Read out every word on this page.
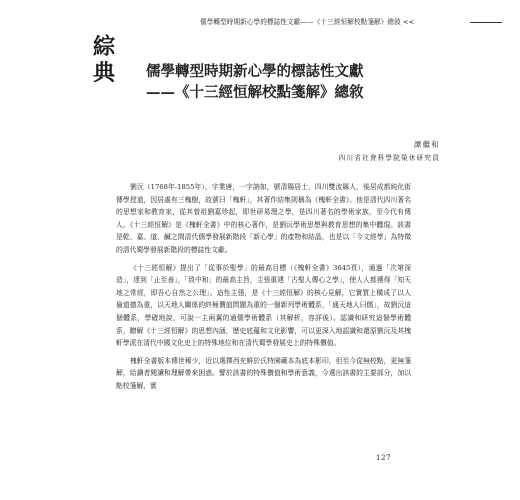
儒學轉型時期新心學的標誌性文獻——《十三經恒解校點箋解》總敘 <<
綜
典	儒學轉型時期新心學的標誌性文獻
——《十三經恒解校點箋解》總敘
譚繼和
四川省社會科學院榮休研究員

劉沅（1768年-1855年），字業唐，一字訥如，號清陽居士，四川雙流縣人，後居成都純化街傳學授道，因居處有三槐樹，故號曰「槐軒」，其著作結集則稱為《槐軒全書》。他是清代四川著名的思想家和教育家，從其曾祖劉嘉珍起，即世研易理之學，是四川著名的學術家族，至今代有傳人。《十三經恒解》是《槐軒全書》中的核心著作，是劉沅學術思想與教育思想的集中體現。該書是乾、嘉、道、鹹之間清代儒學發展新階段「新心學」的產物和結晶，也是以「今文經學」為特徵的清代蜀學發展新階段的標誌性文獻。

《十三經恒解》提出了「從事於聖學」的最高目標（《槐軒全書》3645頁），通過「次第深造」，達到「止至善」，「致中和」的最高主旨，主張重建「古聖人傳心之學」，使人人都獲得「知天地之常經，即吾心自然之公理」。這性主張，是《十三經恒解》的核心見解，它實質上構成了以人倫道德為重，以天地人關係的終極價值問題為重的一個新列學術體系，「通天地人曰儒」，故劉沅這個體系，學確地說，可說一主兩翼的通儒學術體系（其解析，容詳後）。認識和研究這個學術體系，瞭解《十三經恒解》的思想內涵，歷史底蘊和文化影響，可以更深入地認識和還原劉沅及其槐軒學派在清代中國文化史上的特殊地位和在清代蜀學發展史上的特殊價值。

槐軒全書版本傳世稀少，近以選擇西充鮮於氏特園藏本為底本影印，但至今從無校點，更無箋解，給讀者閱讀和理解帶來困惑。譬於該書的特殊價值和學術意義，今選出該書的主要部分，加以點校箋解，實

127
